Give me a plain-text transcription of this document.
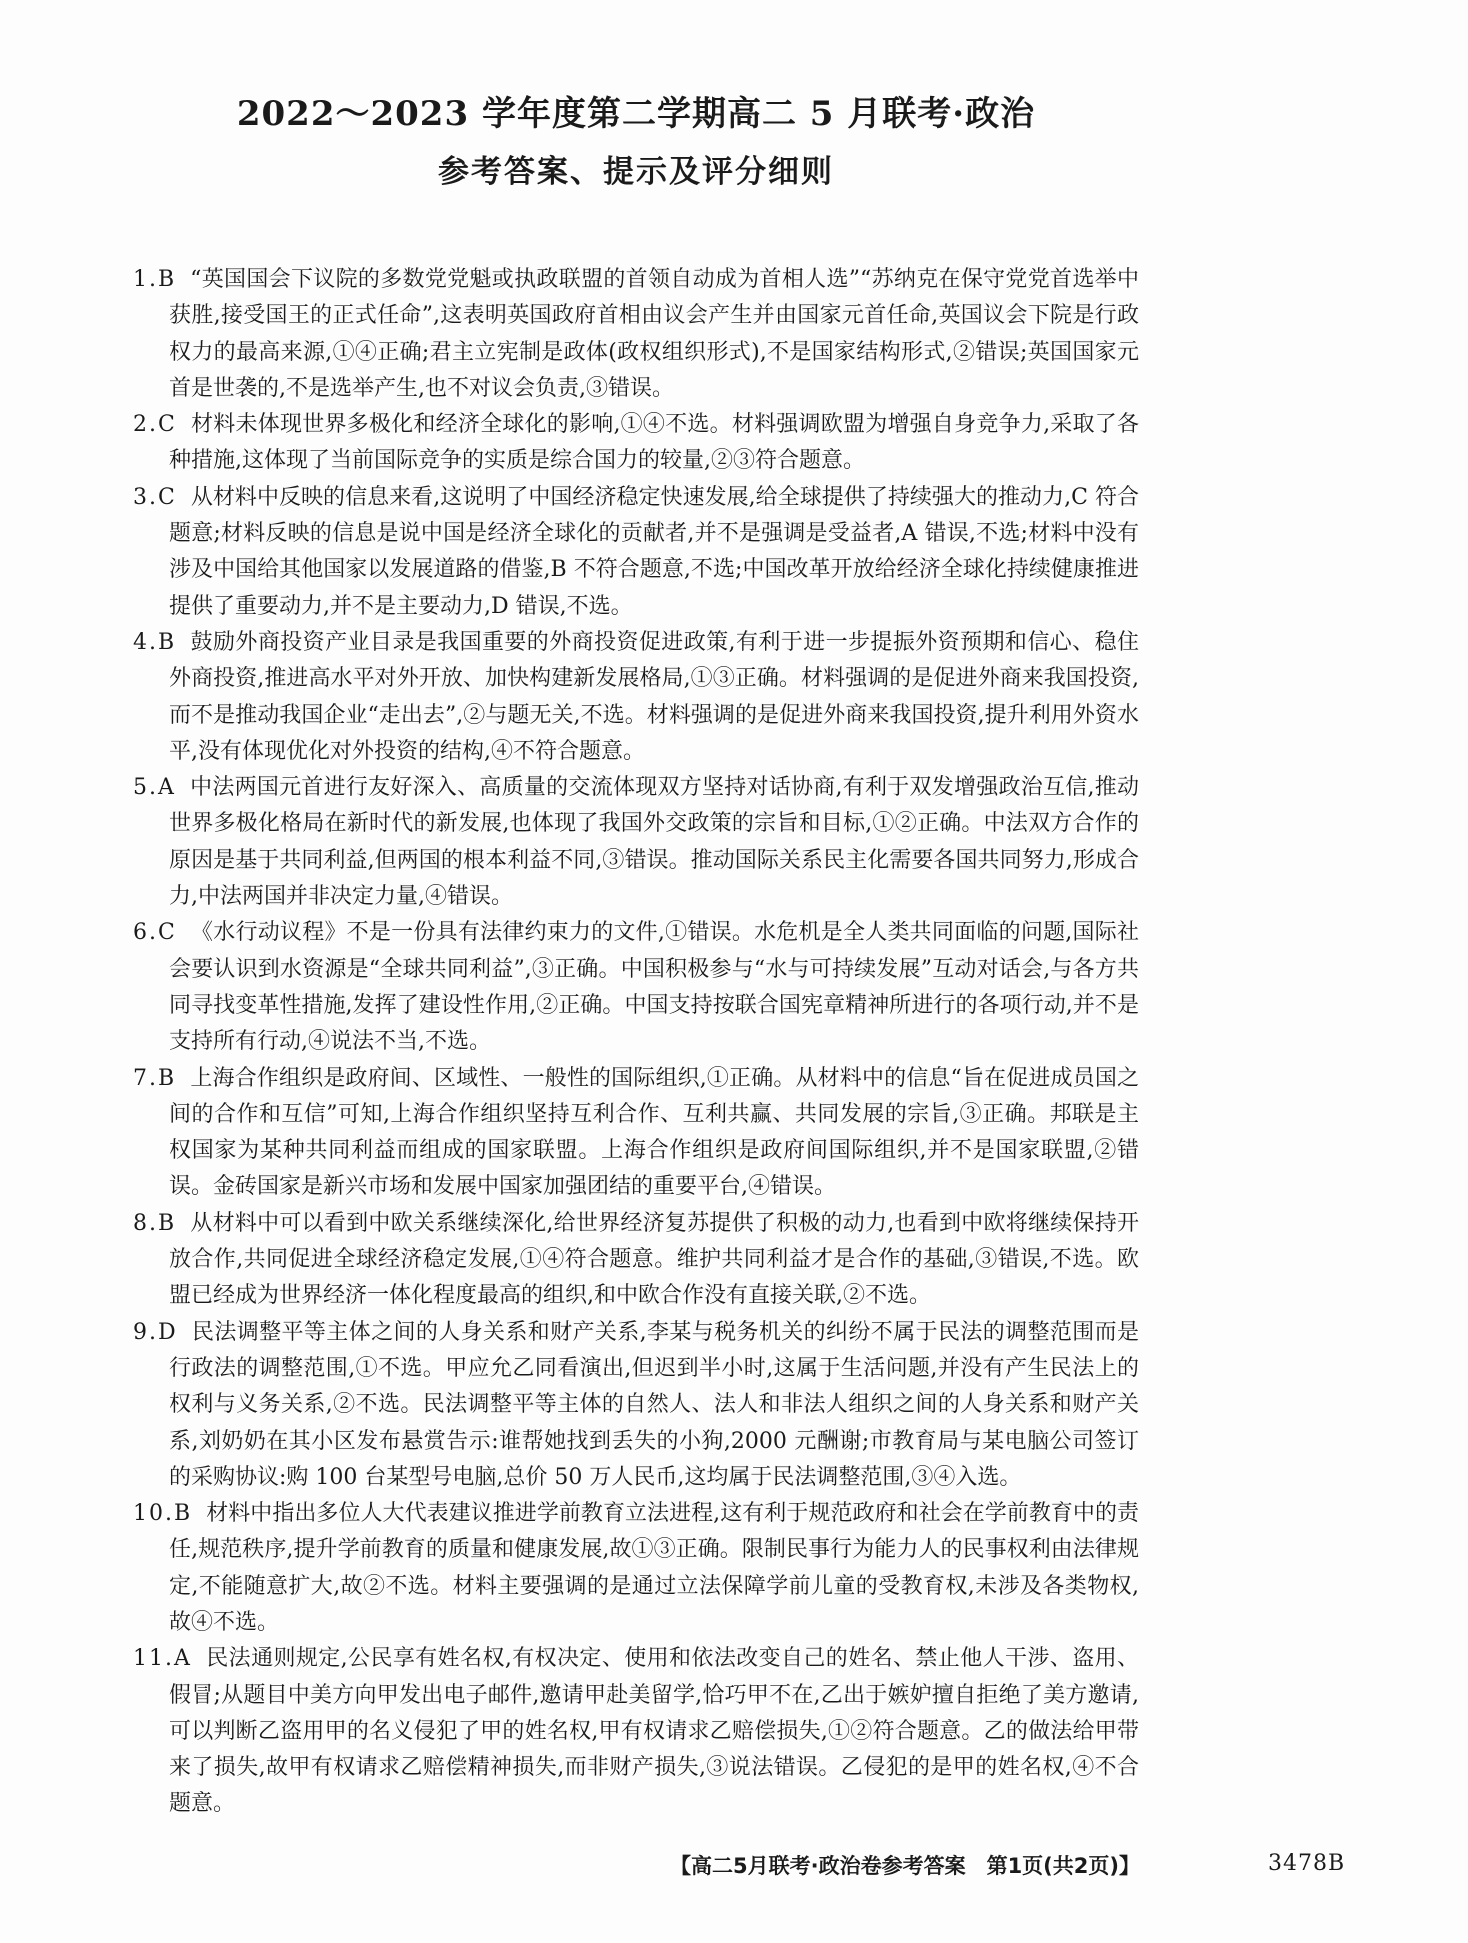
2022～2023 学年度第二学期高二 5 月联考·政治
参考答案、提示及评分细则
1.B “英国国会下议院的多数党党魁或执政联盟的首领自动成为首相人选”“苏纳克在保守党党首选举中获胜,接受国王的正式任命”,这表明英国政府首相由议会产生并由国家元首任命,英国议会下院是行政权力的最高来源,①④正确;君主立宪制是政体(政权组织形式),不是国家结构形式,②错误;英国国家元首是世袭的,不是选举产生,也不对议会负责,③错误。
2.C 材料未体现世界多极化和经济全球化的影响,①④不选。材料强调欧盟为增强自身竞争力,采取了各种措施,这体现了当前国际竞争的实质是综合国力的较量,②③符合题意。
3.C 从材料中反映的信息来看,这说明了中国经济稳定快速发展,给全球提供了持续强大的推动力,C 符合题意;材料反映的信息是说中国是经济全球化的贡献者,并不是强调是受益者,A 错误,不选;材料中没有涉及中国给其他国家以发展道路的借鉴,B 不符合题意,不选;中国改革开放给经济全球化持续健康推进提供了重要动力,并不是主要动力,D 错误,不选。
4.B 鼓励外商投资产业目录是我国重要的外商投资促进政策,有利于进一步提振外资预期和信心、稳住外商投资,推进高水平对外开放、加快构建新发展格局,①③正确。材料强调的是促进外商来我国投资,而不是推动我国企业“走出去”,②与题无关,不选。材料强调的是促进外商来我国投资,提升利用外资水平,没有体现优化对外投资的结构,④不符合题意。
5.A 中法两国元首进行友好深入、高质量的交流体现双方坚持对话协商,有利于双发增强政治互信,推动世界多极化格局在新时代的新发展,也体现了我国外交政策的宗旨和目标,①②正确。中法双方合作的原因是基于共同利益,但两国的根本利益不同,③错误。推动国际关系民主化需要各国共同努力,形成合力,中法两国并非决定力量,④错误。
6.C 《水行动议程》不是一份具有法律约束力的文件,①错误。水危机是全人类共同面临的问题,国际社会要认识到水资源是“全球共同利益”,③正确。中国积极参与“水与可持续发展”互动对话会,与各方共同寻找变革性措施,发挥了建设性作用,②正确。中国支持按联合国宪章精神所进行的各项行动,并不是支持所有行动,④说法不当,不选。
7.B 上海合作组织是政府间、区域性、一般性的国际组织,①正确。从材料中的信息“旨在促进成员国之间的合作和互信”可知,上海合作组织坚持互利合作、互利共赢、共同发展的宗旨,③正确。邦联是主权国家为某种共同利益而组成的国家联盟。上海合作组织是政府间国际组织,并不是国家联盟,②错误。金砖国家是新兴市场和发展中国家加强团结的重要平台,④错误。
8.B 从材料中可以看到中欧关系继续深化,给世界经济复苏提供了积极的动力,也看到中欧将继续保持开放合作,共同促进全球经济稳定发展,①④符合题意。维护共同利益才是合作的基础,③错误,不选。欧盟已经成为世界经济一体化程度最高的组织,和中欧合作没有直接关联,②不选。
9.D 民法调整平等主体之间的人身关系和财产关系,李某与税务机关的纠纷不属于民法的调整范围而是行政法的调整范围,①不选。甲应允乙同看演出,但迟到半小时,这属于生活问题,并没有产生民法上的权利与义务关系,②不选。民法调整平等主体的自然人、法人和非法人组织之间的人身关系和财产关系,刘奶奶在其小区发布悬赏告示:谁帮她找到丢失的小狗,2000 元酬谢;市教育局与某电脑公司签订的采购协议:购 100 台某型号电脑,总价 50 万人民币,这均属于民法调整范围,③④入选。
10.B 材料中指出多位人大代表建议推进学前教育立法进程,这有利于规范政府和社会在学前教育中的责任,规范秩序,提升学前教育的质量和健康发展,故①③正确。限制民事行为能力人的民事权利由法律规定,不能随意扩大,故②不选。材料主要强调的是通过立法保障学前儿童的受教育权,未涉及各类物权,故④不选。
11.A 民法通则规定,公民享有姓名权,有权决定、使用和依法改变自己的姓名、禁止他人干涉、盗用、假冒;从题目中美方向甲发出电子邮件,邀请甲赴美留学,恰巧甲不在,乙出于嫉妒擅自拒绝了美方邀请,可以判断乙盗用甲的名义侵犯了甲的姓名权,甲有权请求乙赔偿损失,①②符合题意。乙的做法给甲带来了损失,故甲有权请求乙赔偿精神损失,而非财产损失,③说法错误。乙侵犯的是甲的姓名权,④不合题意。
【高二5月联考·政治卷参考答案　第1页(共2页)】	3478B
